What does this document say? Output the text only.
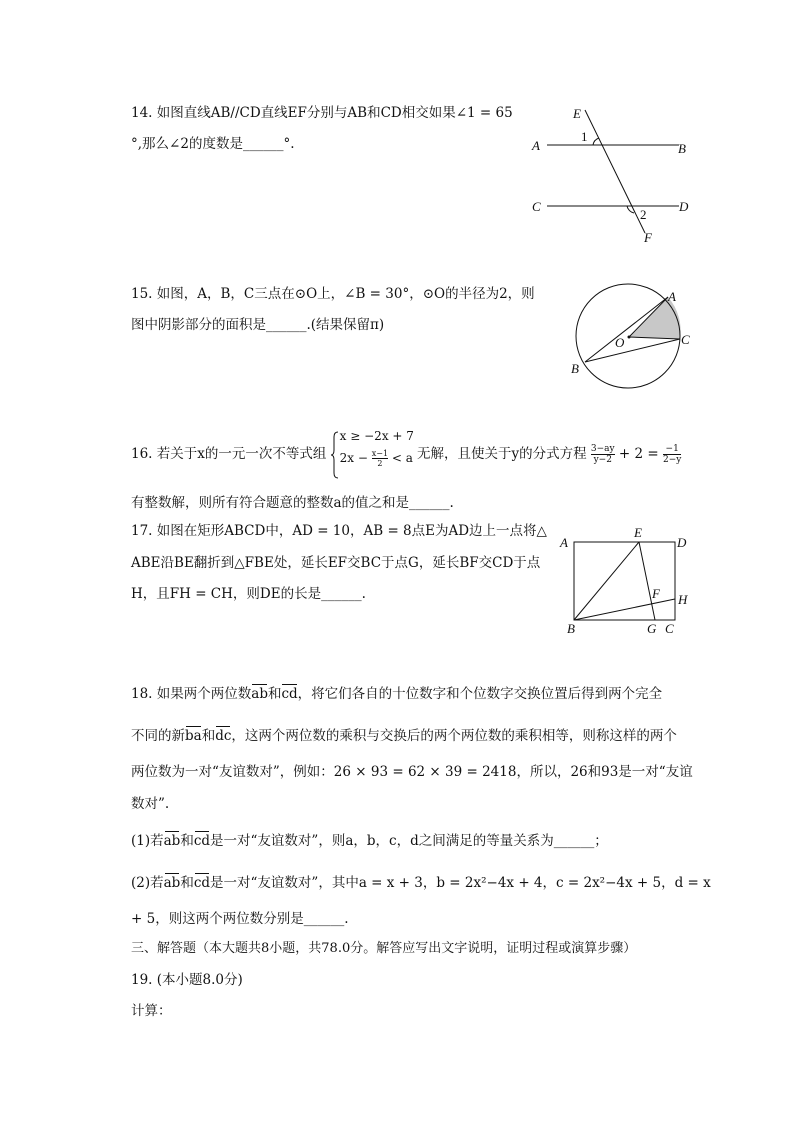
14. 如图直线AB//CD直线EF分别与AB和CD相交如果∠1 = 65
°,那么∠2的度数是______°.
E
A	B
C	D
F
1
2
15. 如图，A，B，C三点在⊙O上，∠B = 30°，⊙O的半径为2，则
图中阴影部分的面积是______.(结果保留π)
A
O	C
B
16. 若关于x的一元一次不等式组
x ≥ −2x + 7
$2x - \frac{x-1}{2} < a$ 无解，且使关于y的分式方程 $\frac{3-ay}{y-2} + 2 = \frac{-1}{2-y}$
有整数解，则所有符合题意的整数a的值之和是______.
17. 如图在矩形ABCD中，AD = 10，AB = 8点E为AD边上一点将△
ABE沿BE翻折到△FBE处，延长EF交BC于点G，延长BF交CD于点
H，且FH = CH，则DE的长是______.
A
E
D
F H
B	G C
18. 如果两个两位数ab和cd，将它们各自的十位数字和个位数字交换位置后得到两个完全
不同的新ba和dc，这两个两位数的乘积与交换后的两个两位数的乘积相等，则称这样的两个
两位数为一对“友谊数对”，例如：26 × 93 = 62 × 39 = 2418，所以，26和93是一对“友谊
数对”.
(1)若ab和cd是一对“友谊数对”，则a，b，c，d之间满足的等量关系为______；
(2)若ab和cd是一对“友谊数对”，其中a = x + 3，b = 2x²−4x + 4，c = 2x²−4x + 5，d = x
+ 5，则这两个两位数分别是______.
三、解答题（本大题共8小题，共78.0分。解答应写出文字说明，证明过程或演算步骤）
19. (本小题8.0分)
计算：
